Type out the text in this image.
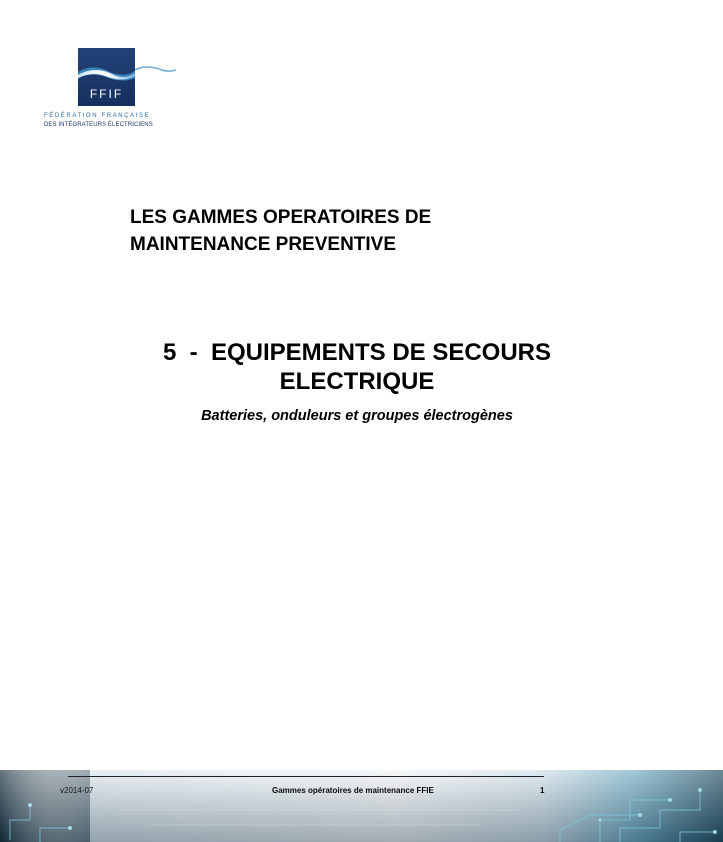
FFIF
FÉDÉRATION FRANÇAISE
DES INTÉGRATEURS ÉLECTRICIENS
LES GAMMES OPERATOIRES DE
MAINTENANCE PREVENTIVE
5  -  EQUIPEMENTS DE SECOURS
ELECTRIQUE
Batteries, onduleurs et groupes électrogènes
v2014-07	Gammes opératoires de maintenance FFIE	1
